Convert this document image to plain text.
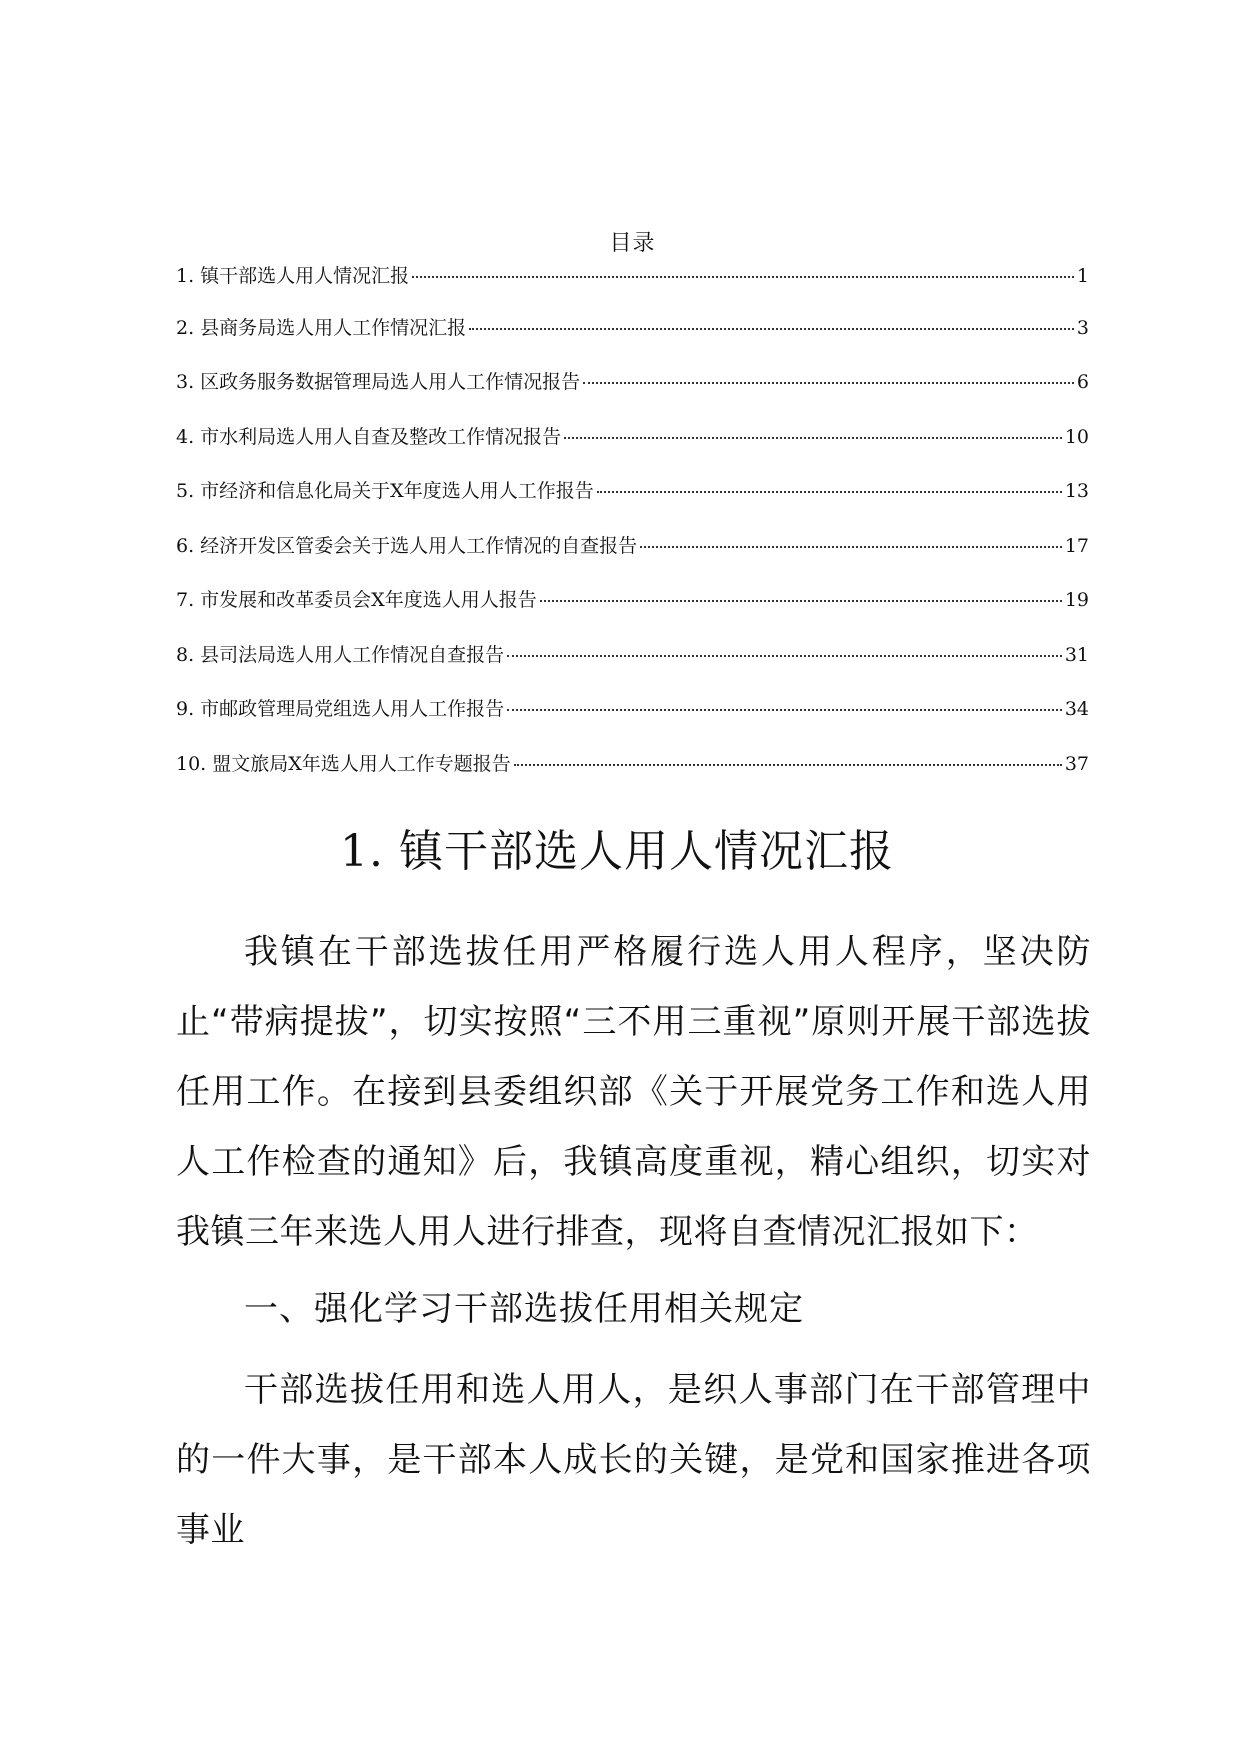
目录
1. 镇干部选人用人情况汇报	1
2. 县商务局选人用人工作情况汇报	3
3. 区政务服务数据管理局选人用人工作情况报告	6
4. 市水利局选人用人自查及整改工作情况报告	10
5. 市经济和信息化局关于X年度选人用人工作报告	13
6. 经济开发区管委会关于选人用人工作情况的自查报告	17
7. 市发展和改革委员会X年度选人用人报告	19
8. 县司法局选人用人工作情况自查报告	31
9. 市邮政管理局党组选人用人工作报告	34
10. 盟文旅局X年选人用人工作专题报告	37
1. 镇干部选人用人情况汇报

我镇在干部选拔任用严格履行选人用人程序，坚决防止“带病提拔”，切实按照“三不用三重视”原则开展干部选拔任用工作。在接到县委组织部《关于开展党务工作和选人用人工作检查的通知》后，我镇高度重视，精心组织，切实对我镇三年来选人用人进行排查，现将自查情况汇报如下：

一、强化学习干部选拔任用相关规定

干部选拔任用和选人用人，是织人事部门在干部管理中的一件大事，是干部本人成长的关键，是党和国家推进各项事业
